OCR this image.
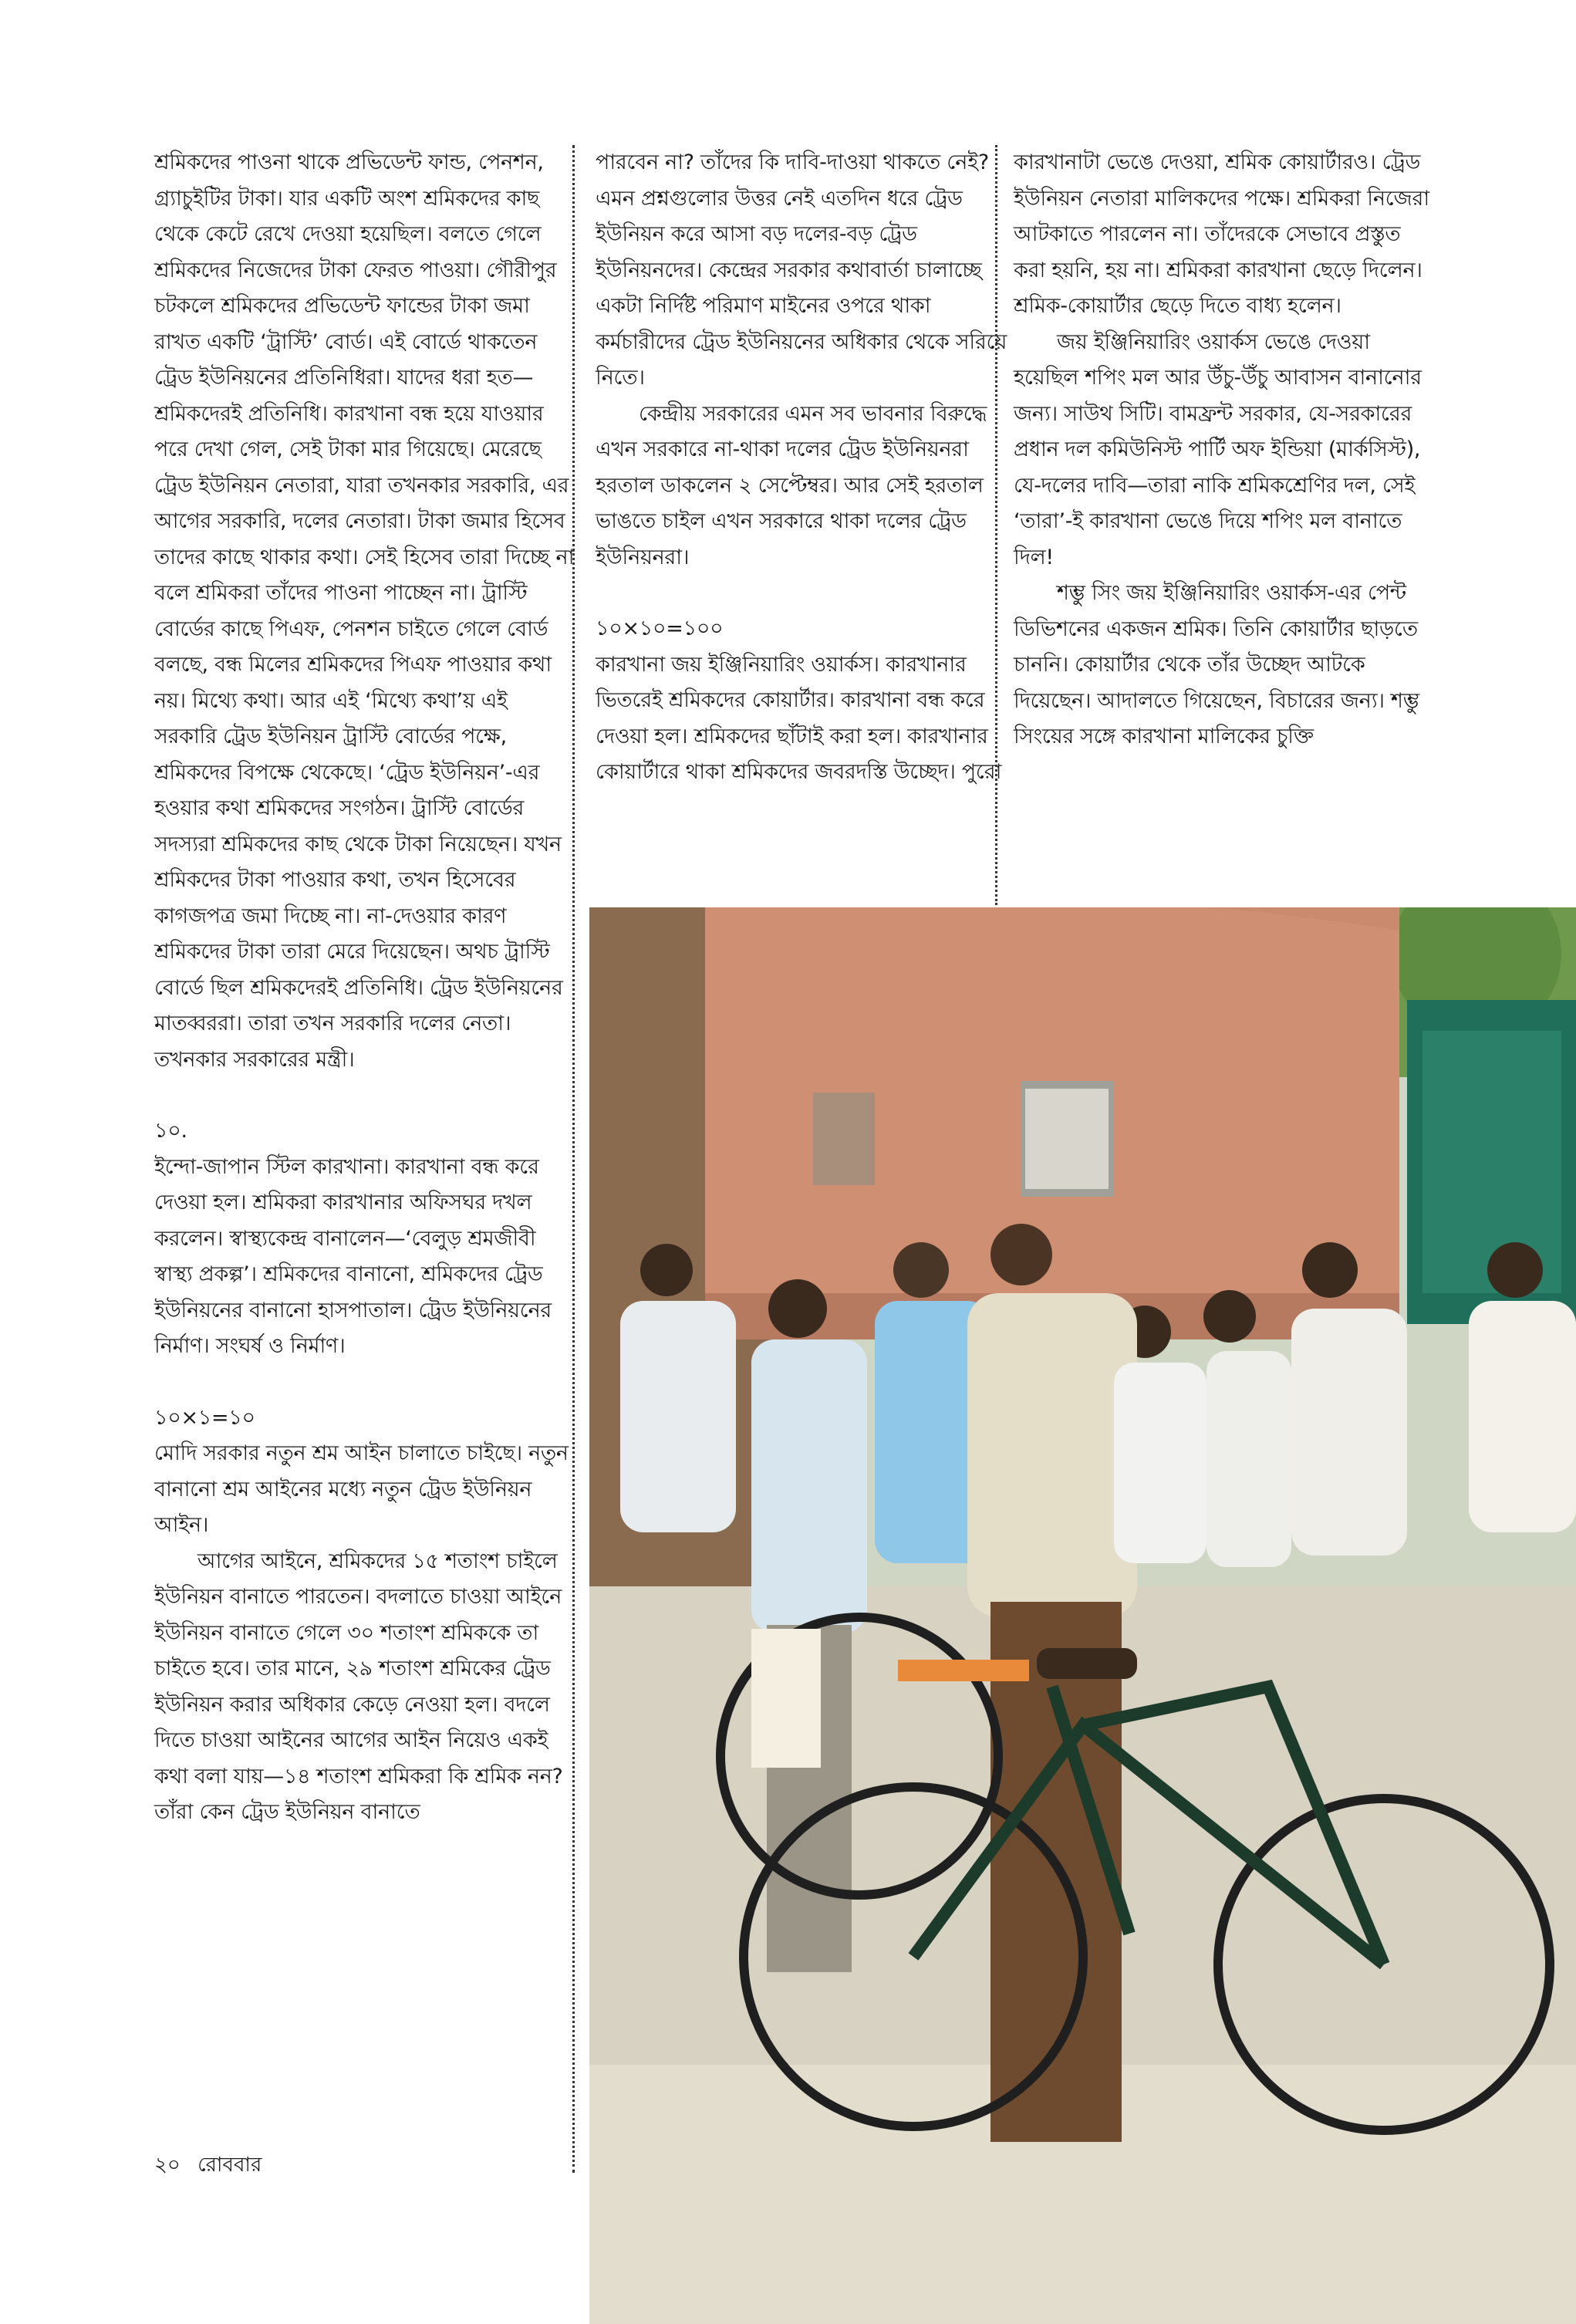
শ্রমিকদের পাওনা থাকে প্রভিডেন্ট ফান্ড, পেনশন, গ্র্যাচুইটির টাকা। যার একটি অংশ শ্রমিকদের কাছ থেকে কেটে রেখে দেওয়া হয়েছিল। বলতে গেলে শ্রমিকদের নিজেদের টাকা ফেরত পাওয়া। গৌরীপুর চটকলে শ্রমিকদের প্রভিডেন্ট ফান্ডের টাকা জমা রাখত একটি ‘ট্রাস্টি’ বোর্ড। এই বোর্ডে থাকতেন ট্রেড ইউনিয়নের প্রতিনিধিরা। যাদের ধরা হত—শ্রমিকদেরই প্রতিনিধি। কারখানা বন্ধ হয়ে যাওয়ার পরে দেখা গেল, সেই টাকা মার গিয়েছে। মেরেছে ট্রেড ইউনিয়ন নেতারা, যারা তখনকার সরকারি, এর আগের সরকারি, দলের নেতারা। টাকা জমার হিসেব তাদের কাছে থাকার কথা। সেই হিসেব তারা দিচ্ছে না বলে শ্রমিকরা তাঁদের পাওনা পাচ্ছেন না। ট্রাস্টি বোর্ডের কাছে পিএফ, পেনশন চাইতে গেলে বোর্ড বলছে, বন্ধ মিলের শ্রমিকদের পিএফ পাওয়ার কথা নয়। মিথ্যে কথা। আর এই ‘মিথ্যে কথা’য় এই সরকারি ট্রেড ইউনিয়ন ট্রাস্টি বোর্ডের পক্ষে, শ্রমিকদের বিপক্ষে থেকেছে। ‘ট্রেড ইউনিয়ন’-এর হওয়ার কথা শ্রমিকদের সংগঠন। ট্রাস্টি বোর্ডের সদস্যরা শ্রমিকদের কাছ থেকে টাকা নিয়েছেন। যখন শ্রমিকদের টাকা পাওয়ার কথা, তখন হিসেবের কাগজপত্র জমা দিচ্ছে না। না-দেওয়ার কারণ শ্রমিকদের টাকা তারা মেরে দিয়েছেন। অথচ ট্রাস্টি বোর্ডে ছিল শ্রমিকদেরই প্রতিনিধি। ট্রেড ইউনিয়নের মাতব্বররা। তারা তখন সরকারি দলের নেতা। তখনকার সরকারের মন্ত্রী।

১০.

ইন্দো-জাপান স্টিল কারখানা। কারখানা বন্ধ করে দেওয়া হল। শ্রমিকরা কারখানার অফিসঘর দখল করলেন। স্বাস্থ্যকেন্দ্র বানালেন—‘বেলুড় শ্রমজীবী স্বাস্থ্য প্রকল্প’। শ্রমিকদের বানানো, শ্রমিকদের ট্রেড ইউনিয়নের বানানো হাসপাতাল। ট্রেড ইউনিয়নের নির্মাণ। সংঘর্ষ ও নির্মাণ।

১০×১=১০

মোদি সরকার নতুন শ্রম আইন চালাতে চাইছে। নতুন বানানো শ্রম আইনের মধ্যে নতুন ট্রেড ইউনিয়ন আইন।

আগের আইনে, শ্রমিকদের ১৫ শতাংশ চাইলে ইউনিয়ন বানাতে পারতেন। বদলাতে চাওয়া আইনে ইউনিয়ন বানাতে গেলে ৩০ শতাংশ শ্রমিককে তা চাইতে হবে। তার মানে, ২৯ শতাংশ শ্রমিকের ট্রেড ইউনিয়ন করার অধিকার কেড়ে নেওয়া হল। বদলে দিতে চাওয়া আইনের আগের আইন নিয়েও একই কথা বলা যায়—১৪ শতাংশ শ্রমিকরা কি শ্রমিক নন? তাঁরা কেন ট্রেড ইউনিয়ন বানাতে

পারবেন না? তাঁদের কি দাবি-দাওয়া থাকতে নেই? এমন প্রশ্নগুলোর উত্তর নেই এতদিন ধরে ট্রেড ইউনিয়ন করে আসা বড় দলের-বড় ট্রেড ইউনিয়নদের। কেন্দ্রের সরকার কথাবার্তা চালাচ্ছে একটা নির্দিষ্ট পরিমাণ মাইনের ওপরে থাকা কর্মচারীদের ট্রেড ইউনিয়নের অধিকার থেকে সরিয়ে নিতে।

কেন্দ্রীয় সরকারের এমন সব ভাবনার বিরুদ্ধে এখন সরকারে না-থাকা দলের ট্রেড ইউনিয়নরা হরতাল ডাকলেন ২ সেপ্টেম্বর। আর সেই হরতাল ভাঙতে চাইল এখন সরকারে থাকা দলের ট্রেড ইউনিয়নরা।

১০×১০=১০০

কারখানা জয় ইঞ্জিনিয়ারিং ওয়ার্কস। কারখানার ভিতরেই শ্রমিকদের কোয়ার্টার। কারখানা বন্ধ করে দেওয়া হল। শ্রমিকদের ছাঁটাই করা হল। কারখানার কোয়ার্টারে থাকা শ্রমিকদের জবরদস্তি উচ্ছেদ। পুরো

কারখানাটা ভেঙে দেওয়া, শ্রমিক কোয়ার্টারও। ট্রেড ইউনিয়ন নেতারা মালিকদের পক্ষে। শ্রমিকরা নিজেরা আটকাতে পারলেন না। তাঁদেরকে সেভাবে প্রস্তুত করা হয়নি, হয় না। শ্রমিকরা কারখানা ছেড়ে দিলেন। শ্রমিক-কোয়ার্টার ছেড়ে দিতে বাধ্য হলেন।

জয় ইঞ্জিনিয়ারিং ওয়ার্কস ভেঙে দেওয়া হয়েছিল শপিং মল আর উঁচু-উঁচু আবাসন বানানোর জন্য। সাউথ সিটি। বামফ্রন্ট সরকার, যে-সরকারের প্রধান দল কমিউনিস্ট পার্টি অফ ইন্ডিয়া (মার্কসিস্ট), যে-দলের দাবি—তারা নাকি শ্রমিকশ্রেণির দল, সেই ‘তারা’-ই কারখানা ভেঙে দিয়ে শপিং মল বানাতে দিল!

শম্ভু সিং জয় ইঞ্জিনিয়ারিং ওয়ার্কস-এর পেন্ট ডিভিশনের একজন শ্রমিক। তিনি কোয়ার্টার ছাড়তে চাননি। কোয়ার্টার থেকে তাঁর উচ্ছেদ আটকে দিয়েছেন। আদালতে গিয়েছেন, বিচারের জন্য। শম্ভু সিংয়ের সঙ্গে কারখানা মালিকের চুক্তি

২০ রোববার
